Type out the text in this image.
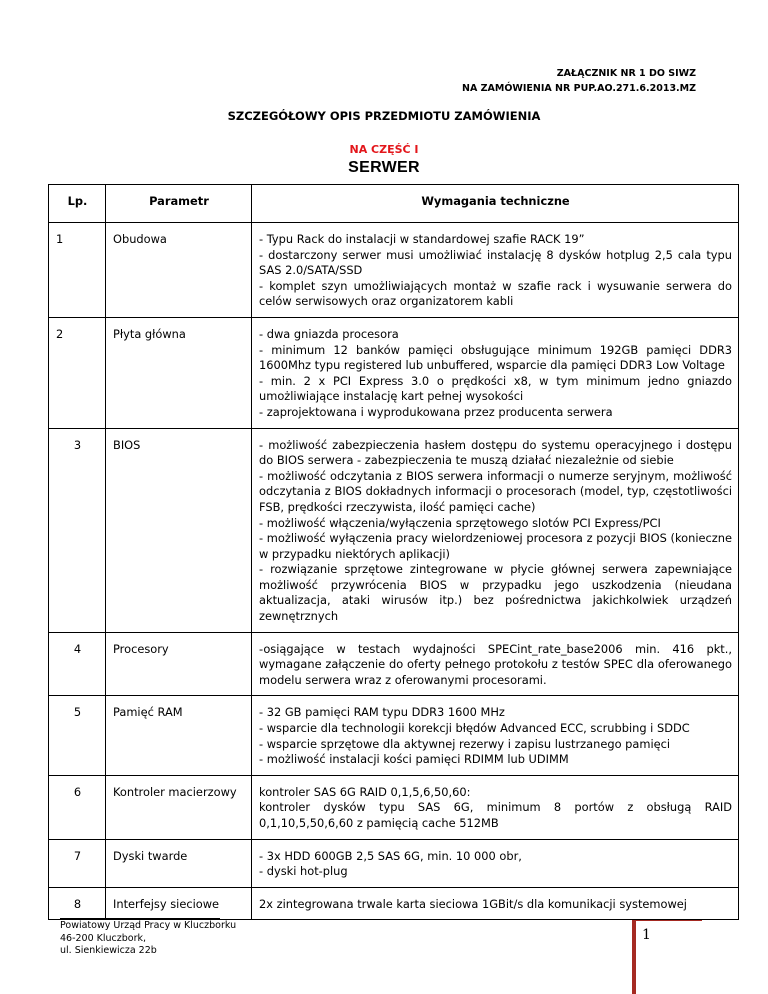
ZAŁĄCZNIK NR 1 DO SIWZ
NA ZAMÓWIENIA NR PUP.AO.271.6.2013.MZ
SZCZEGÓŁOWY OPIS PRZEDMIOTU ZAMÓWIENIA
NA CZĘŚĆ I
SERWER
Lp.	Parametr	Wymagania techniczne
1	Obudowa	- Typu Rack do instalacji w standardowej szafie RACK 19”
- dostarczony serwer musi umożliwiać instalację 8 dysków hotplug 2,5 cala typu SAS 2.0/SATA/SSD
- komplet szyn umożliwiających montaż w szafie rack i wysuwanie serwera do celów serwisowych oraz organizatorem kabli

2	Płyta główna	- dwa gniazda procesora
- minimum 12 banków pamięci obsługujące minimum 192GB pamięci DDR3 1600Mhz typu registered lub unbuffered, wsparcie dla pamięci DDR3 Low Voltage
- min. 2 x PCI Express 3.0 o prędkości x8, w tym minimum jedno gniazdo umożliwiające instalację kart pełnej wysokości
- zaprojektowana i wyprodukowana przez producenta serwera

3	BIOS	- możliwość zabezpieczenia hasłem dostępu do systemu operacyjnego i dostępu do BIOS serwera - zabezpieczenia te muszą działać niezależnie od siebie
- możliwość odczytania z BIOS serwera informacji o numerze seryjnym, możliwość odczytania z BIOS dokładnych informacji o procesorach (model, typ, częstotliwości FSB, prędkości rzeczywista, ilość pamięci cache)
- możliwość włączenia/wyłączenia sprzętowego slotów PCI Express/PCI
- możliwość wyłączenia pracy wielordzeniowej procesora z pozycji BIOS (konieczne w przypadku niektórych aplikacji)
- rozwiązanie sprzętowe zintegrowane w płycie głównej serwera zapewniające możliwość przywrócenia BIOS w przypadku jego uszkodzenia (nieudana aktualizacja, ataki wirusów itp.) bez pośrednictwa jakichkolwiek urządzeń zewnętrznych

4	Procesory	-osiągające w testach wydajności SPECint_rate_base2006 min. 416 pkt., wymagane załączenie do oferty pełnego protokołu z testów SPEC dla oferowanego modelu serwera wraz z oferowanymi procesorami.

5	Pamięć RAM	- 32 GB pamięci RAM typu DDR3 1600 MHz
- wsparcie dla technologii korekcji błędów Advanced ECC, scrubbing i SDDC
- wsparcie sprzętowe dla aktywnej rezerwy i zapisu lustrzanego pamięci
- możliwość instalacji kości pamięci RDIMM lub UDIMM

6	Kontroler macierzowy	kontroler SAS 6G RAID 0,1,5,6,50,60:
kontroler dysków typu SAS 6G, minimum 8 portów z obsługą RAID 0,1,10,5,50,6,60 z pamięcią cache 512MB

7	Dyski twarde	- 3x HDD 600GB 2,5 SAS 6G, min. 10 000 obr,
- dyski hot-plug

8	Interfejsy sieciowe	2x zintegrowana trwale karta sieciowa 1GBit/s dla komunikacji systemowej
Powiatowy Urząd Pracy w Kluczborku
46-200 Kluczbork,
ul. Sienkiewicza 22b
1
